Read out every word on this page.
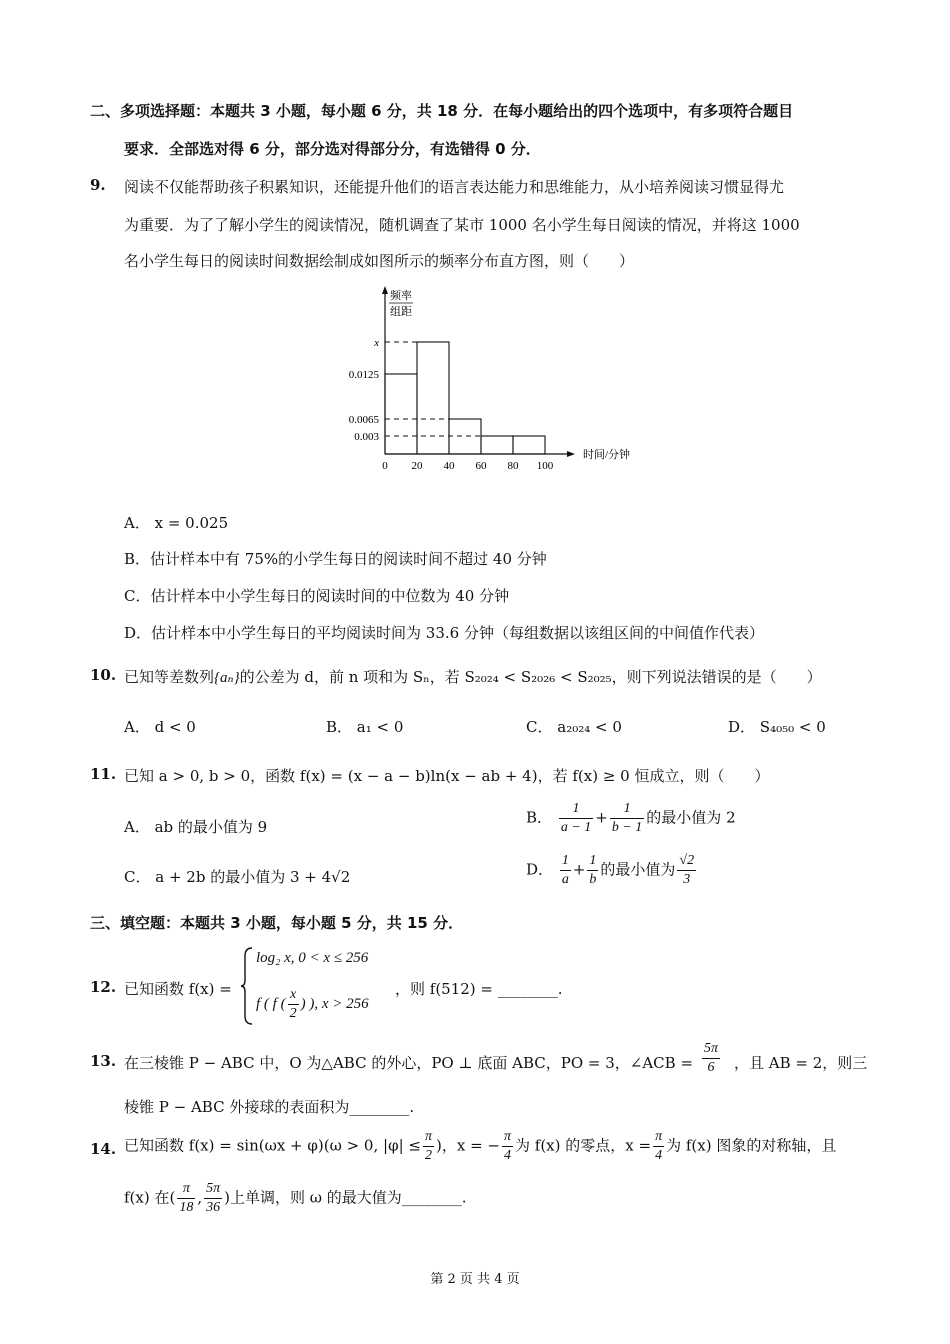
二、多项选择题：本题共 3 小题，每小题 6 分，共 18 分．在每小题给出的四个选项中，有多项符合题目
要求．全部选对得 6 分，部分选对得部分分，有选错得 0 分．
9. 阅读不仅能帮助孩子积累知识，还能提升他们的语言表达能力和思维能力，从小培养阅读习惯显得尤
为重要．为了了解小学生的阅读情况，随机调查了某市 1000 名小学生每日阅读的情况，并将这 1000
名小学生每日的阅读时间数据绘制成如图所示的频率分布直方图，则（　　）
频率
组距
0.003
0.0065
0.0125
x
0 20 40 60 80 100
时间/分钟
A． x = 0.025
B．估计样本中有 75%的小学生每日的阅读时间不超过 40 分钟
C．估计样本中小学生每日的阅读时间的中位数为 40 分钟
D．估计样本中小学生每日的平均阅读时间为 33.6 分钟（每组数据以该组区间的中间值作代表）
10. 已知等差数列{aₙ}的公差为 d，前 n 项和为 Sₙ，若 S₂₀₂₄ < S₂₀₂₆ < S₂₀₂₅，则下列说法错误的是（　　）
A． d < 0	B． a₁ < 0	C． a₂₀₂₄ < 0	D． S₄₀₅₀ < 0
11. 已知 a > 0, b > 0，函数 f(x) = (x − a − b)ln(x − ab + 4)，若 f(x) ≥ 0 恒成立，则（　　）
A． ab 的最小值为 9
B． $\frac{1}{a - 1} + \frac{1}{b - 1}$ 的最小值为 2
C． a + 2b 的最小值为 3 + 4√2	D． $\frac{1}{a} + \frac{1}{b}$ 的最小值为 $\frac{√2}{3}$
三、填空题：本题共 3 小题，每小题 5 分，共 15 分．
12. 已知函数 f(x) =
log₂ x, 0 < x ≤ 256
f ( f ( $\frac{x}{2}$ ) ), x > 256
，则 f(512) = ________.
13. 在三棱锥 P − ABC 中，O 为△ABC 的外心，PO ⊥ 底面 ABC，PO = 3，∠ACB = $\frac{5\pi}{6}$ ，且 AB = 2，则三
棱锥 P − ABC 外接球的表面积为________.
14. 已知函数 f(x) = sin(ωx + φ)(ω > 0, $|\varphi| \le \frac{\pi}{2}$ )，x = − $\frac{\pi}{4}$ 为 f(x) 的零点，$x = \frac{\pi}{4}$ 为 f(x) 图象的对称轴，且
f(x) 在( $\frac{\pi}{18}$ , $\frac{5\pi}{36}$ )上单调，则 ω 的最大值为________.
第 2 页 共 4 页
